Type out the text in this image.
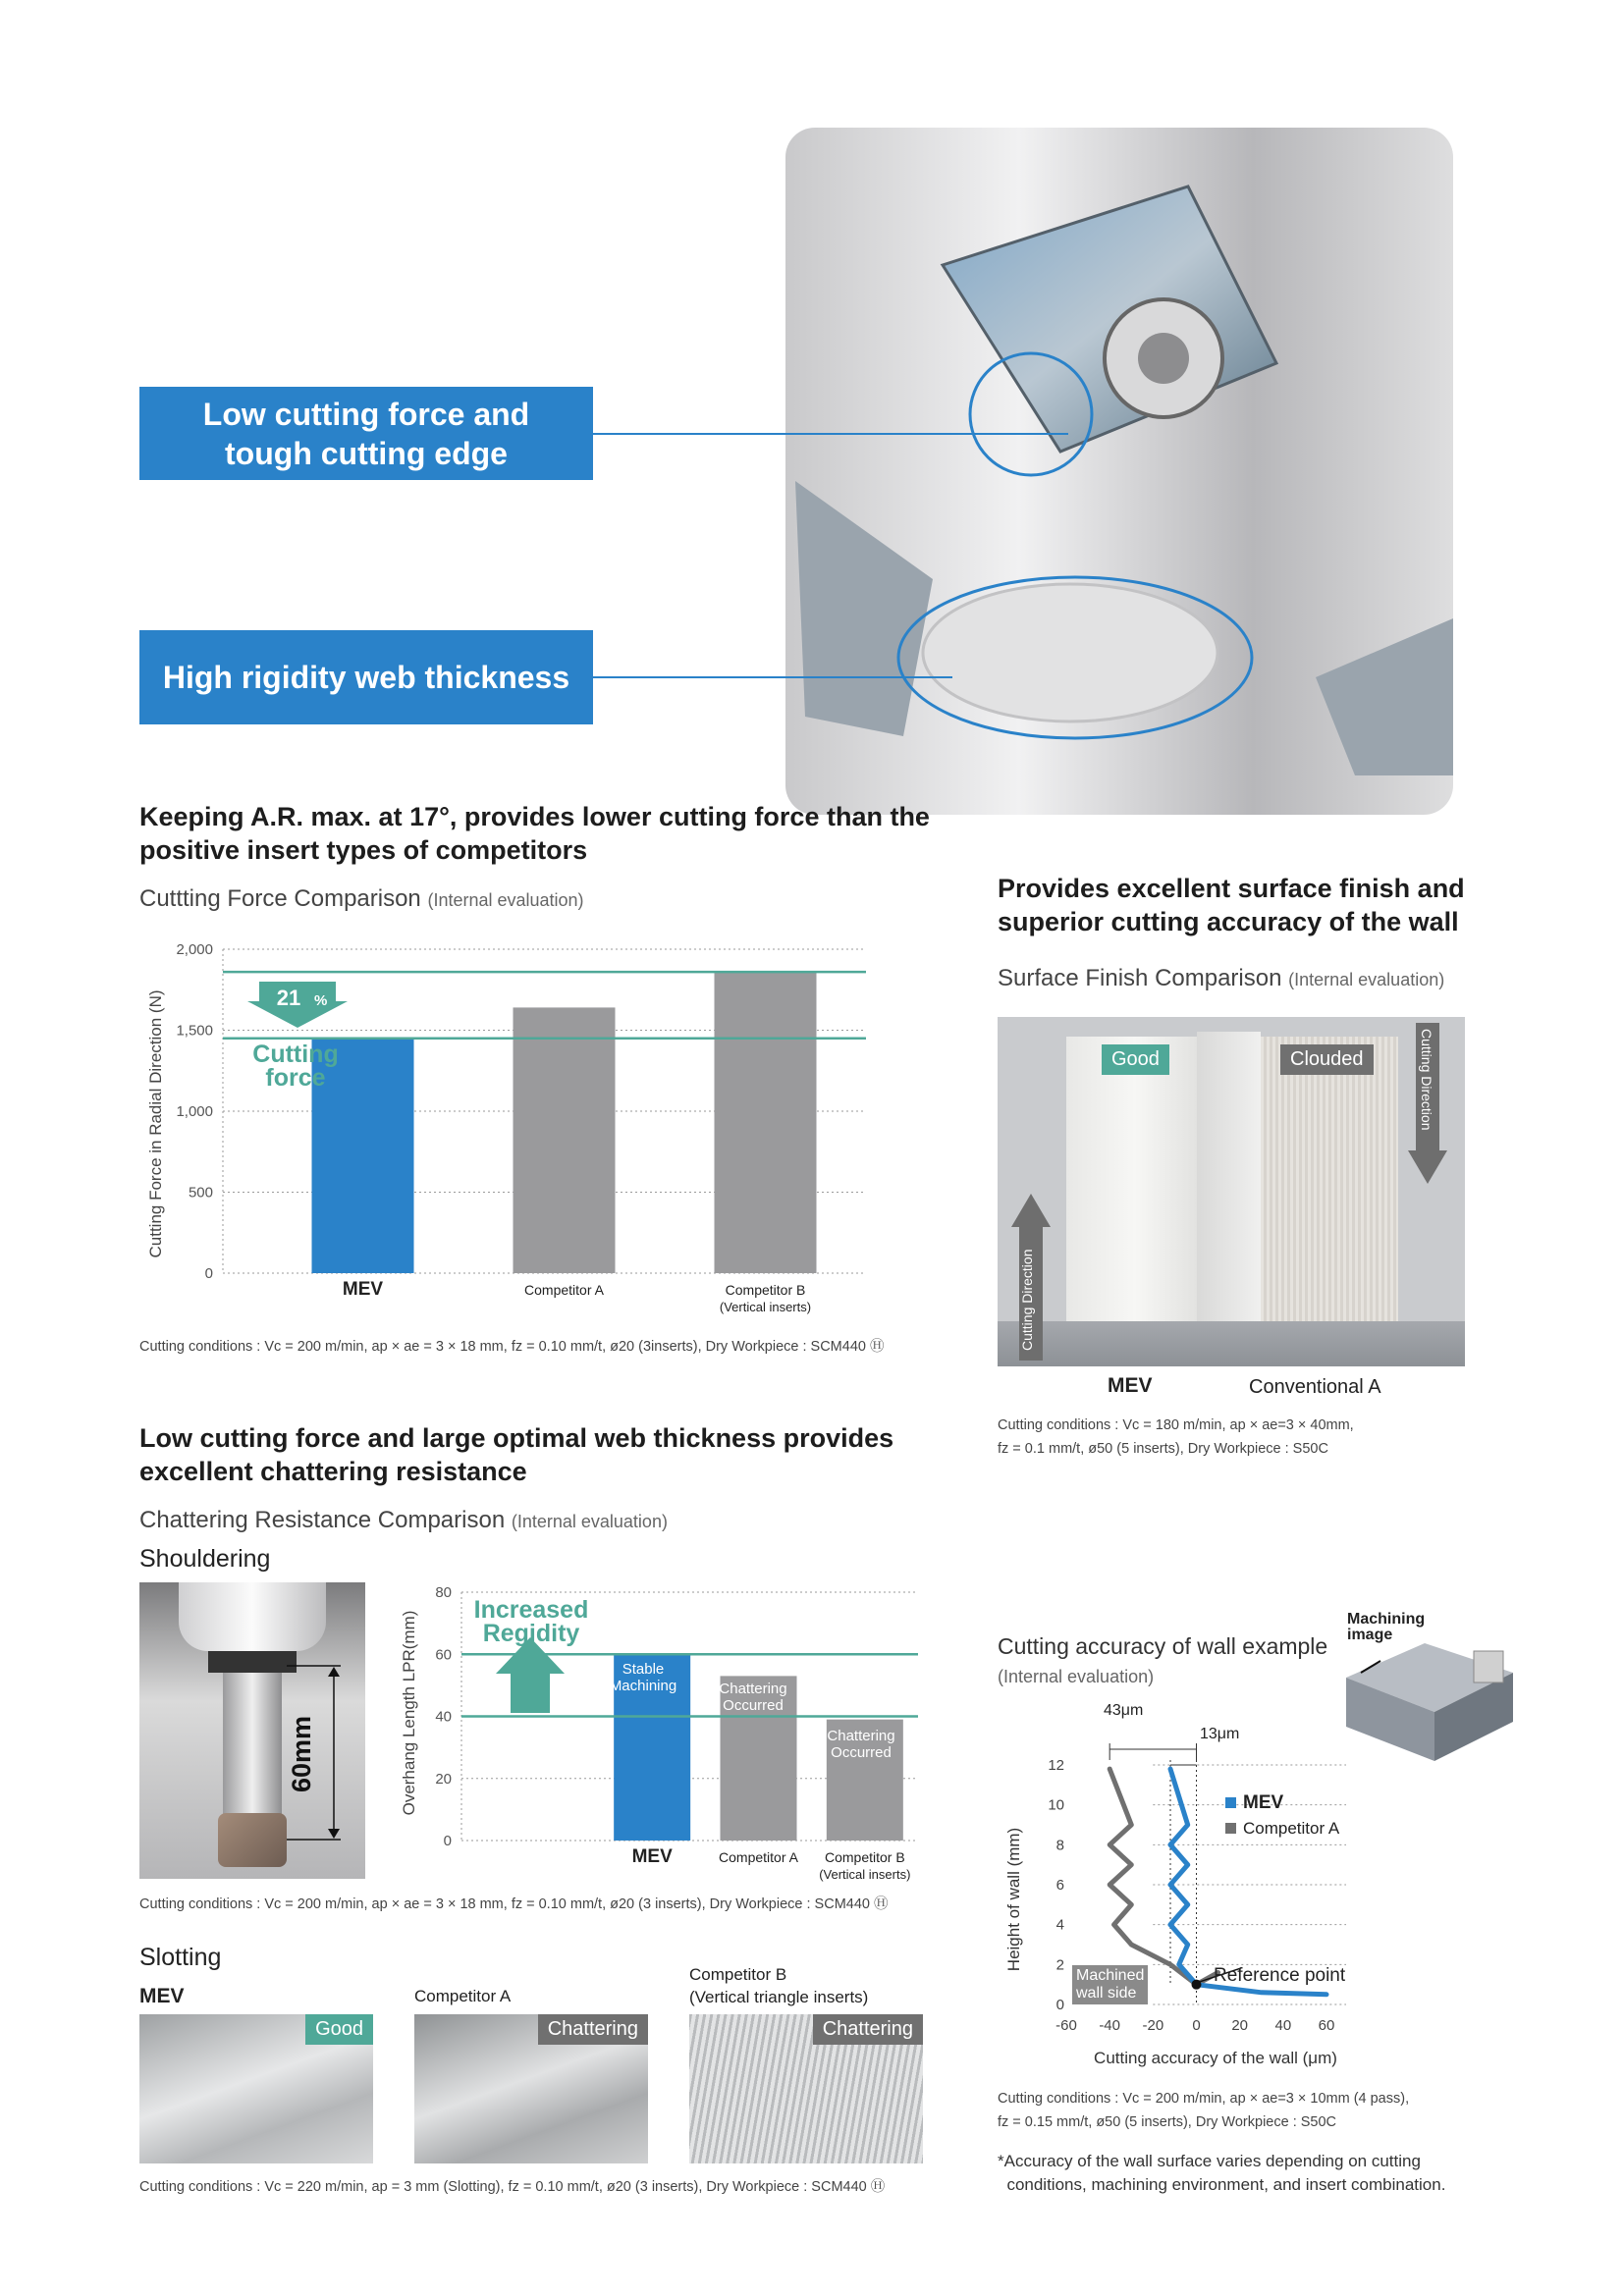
Low cutting force and
tough cutting edge
High rigidity web thickness
Keeping A.R. max. at 17°, provides lower cutting force than the positive insert types of competitors
Cuttting Force Comparison (Internal evaluation)
0
500
1,000
1,500
2,000
MEV	Competitor A	Competitor B
(Vertical inserts)
Cutting Force in Radial Direction (N)	21 %
Cutting
force
Cutting conditions : Vc = 200 m/min, ap × ae = 3 × 18 mm, fz = 0.10 mm/t, ø20 (3inserts), Dry Workpiece : SCM440 Ⓗ
Provides excellent surface finish and superior cutting accuracy of the wall
Surface Finish Comparison (Internal evaluation)
Good	Clouded	Cutting Direction
Cutting Direction
MEV	Conventional A
Cutting conditions : Vc = 180 m/min, ap × ae=3 × 40mm,
fz = 0.1 mm/t, ø50 (5 inserts), Dry Workpiece : S50C
Low cutting force and large optimal web thickness provides excellent chattering resistance
Chattering Resistance Comparison (Internal evaluation)
Shouldering
60mm
0
20
40
60
80
MEV	Competitor A Competitor B
(Vertical inserts)
Overhang Length LPR(mm)
Increased
Regidity
Stable
Machining	Chattering
Occurred
Chattering
Occurred
Cutting conditions : Vc = 200 m/min, ap × ae = 3 × 18 mm, fz = 0.10 mm/t, ø20 (3 inserts), Dry Workpiece : SCM440 Ⓗ
Slotting
MEV	Competitor A
Competitor B
(Vertical triangle inserts)
Good	Chattering	Chattering
Cutting conditions : Vc = 220 m/min, ap = 3 mm (Slotting), fz = 0.10 mm/t, ø20 (3 inserts), Dry Workpiece : SCM440 Ⓗ
Cutting accuracy of wall example
(Internal evaluation)
Machining
image
0
2
4
6
8
10
12
-60 -40 -20 0 20 40 60
Height of wall (mm)
Cutting accuracy of the wall (μm)
MEV
Competitor A
43μm
13μm
Machined
wall side
Reference point
Cutting conditions : Vc = 200 m/min, ap × ae=3 × 10mm (4 pass),
fz = 0.15 mm/t, ø50 (5 inserts), Dry Workpiece : S50C
*Accuracy of the wall surface varies depending on cutting
conditions, machining environment, and insert combination.
